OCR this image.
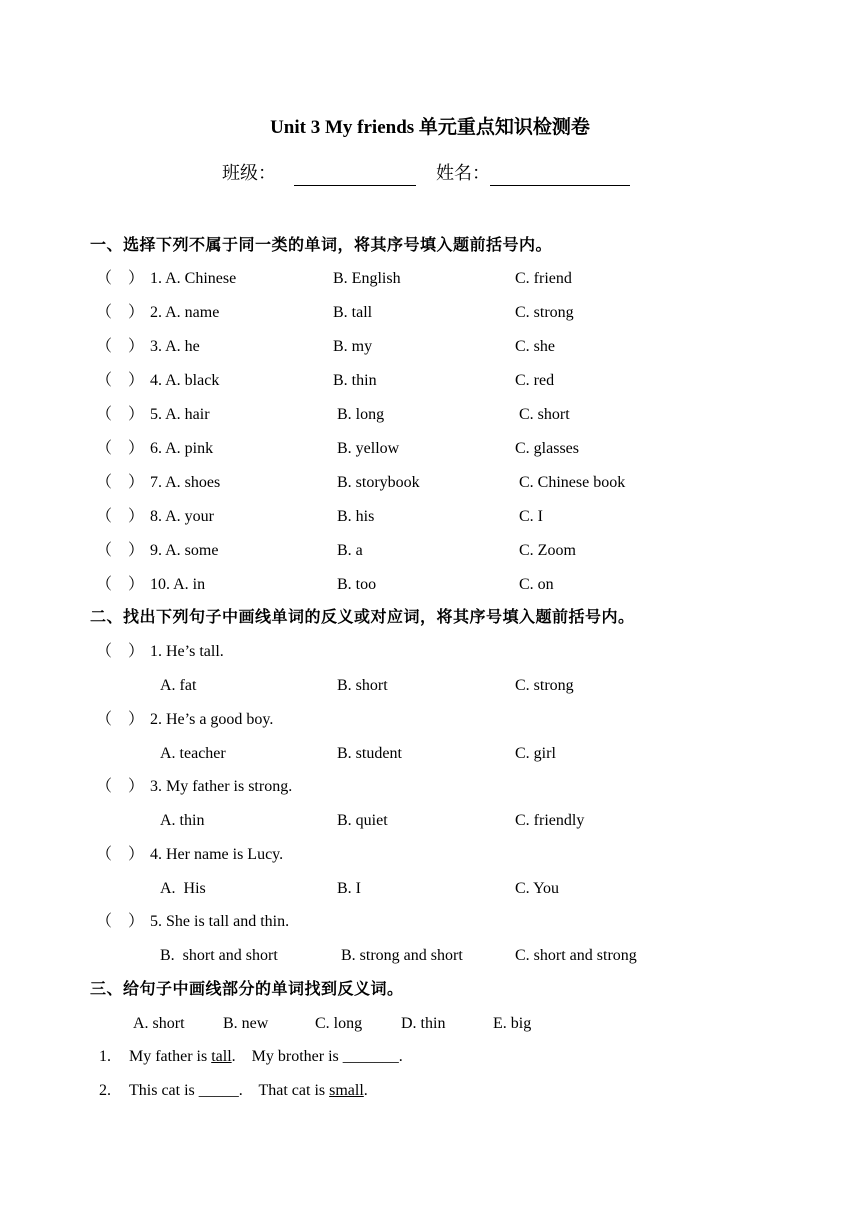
Unit 3 My friends 单元重点知识检测卷
班级：	姓名：
一、选择下列不属于同一类的单词，将其序号填入题前括号内。
（　） 1. A. Chinese	B. English	C. friend
（　） 2. A. name	B. tall	C. strong
（　） 3. A. he	B. my	C. she
（　） 4. A. black	B. thin	C. red
（　） 5. A. hair	B. long	C. short
（　） 6. A. pink	B. yellow	C. glasses
（　） 7. A. shoes	B. storybook	C. Chinese book
（　） 8. A. your	B. his	C. I
（　） 9. A. some	B. a	C. Zoom
（　） 10. A. in	B. too	C. on
二、找出下列句子中画线单词的反义或对应词，将其序号填入题前括号内。
（　） 1. He’s tall.
A. fat	B. short	C. strong
（　） 2. He’s a good boy.
A. teacher	B. student	C. girl
（　） 3. My father is strong.
A. thin	B. quiet	C. friendly
（　） 4. Her name is Lucy.
A.  His	B. I	C. You
（　） 5. She is tall and thin.
B.  short and short	B. strong and short	C. short and strong
三、给句子中画线部分的单词找到反义词。
A. short B. new	C. long D. thin	E. big
1. My father is tall.    My brother is _______.
2. This cat is _____.    That cat is small.
